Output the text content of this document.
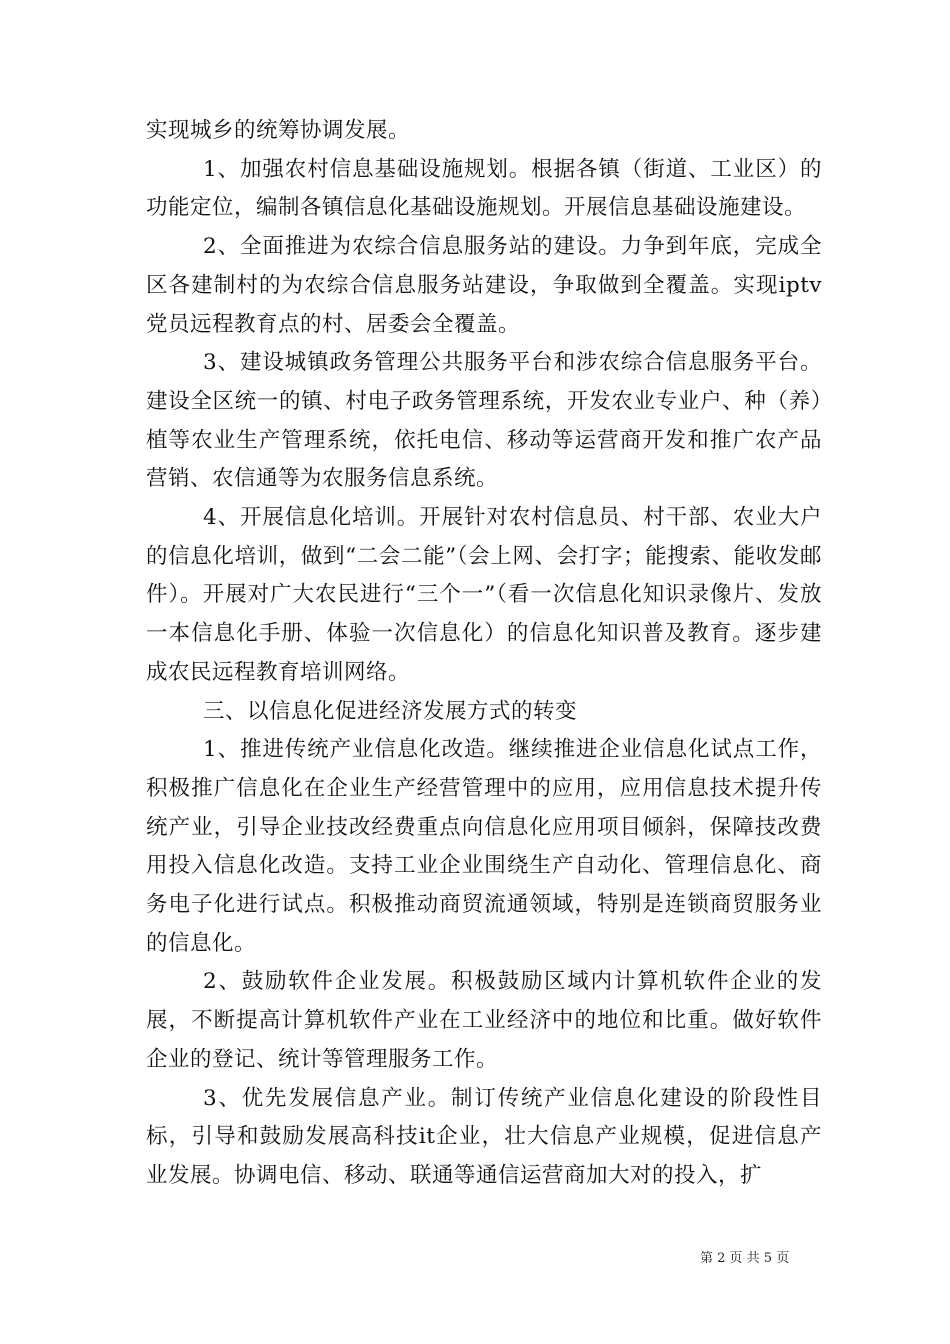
实现城乡的统筹协调发展。

1、加强农村信息基础设施规划。根据各镇（街道、工业区）的功能定位，编制各镇信息化基础设施规划。开展信息基础设施建设。

2、全面推进为农综合信息服务站的建设。力争到年底，完成全区各建制村的为农综合信息服务站建设，争取做到全覆盖。实现iptv党员远程教育点的村、居委会全覆盖。

3、建设城镇政务管理公共服务平台和涉农综合信息服务平台。建设全区统一的镇、村电子政务管理系统，开发农业专业户、种（养）植等农业生产管理系统，依托电信、移动等运营商开发和推广农产品营销、农信通等为农服务信息系统。

4、开展信息化培训。开展针对农村信息员、村干部、农业大户的信息化培训，做到“二会二能”（会上网、会打字；能搜索、能收发邮件）。开展对广大农民进行“三个一”（看一次信息化知识录像片、发放一本信息化手册、体验一次信息化）的信息化知识普及教育。逐步建成农民远程教育培训网络。

三、以信息化促进经济发展方式的转变

1、推进传统产业信息化改造。继续推进企业信息化试点工作，积极推广信息化在企业生产经营管理中的应用，应用信息技术提升传统产业，引导企业技改经费重点向信息化应用项目倾斜，保障技改费用投入信息化改造。支持工业企业围绕生产自动化、管理信息化、商务电子化进行试点。积极推动商贸流通领域，特别是连锁商贸服务业的信息化。

2、鼓励软件企业发展。积极鼓励区域内计算机软件企业的发展，不断提高计算机软件产业在工业经济中的地位和比重。做好软件企业的登记、统计等管理服务工作。

3、优先发展信息产业。制订传统产业信息化建设的阶段性目标，引导和鼓励发展高科技it企业，壮大信息产业规模，促进信息产业发展。协调电信、移动、联通等通信运营商加大对的投入，扩

第 2 页 共 5 页
